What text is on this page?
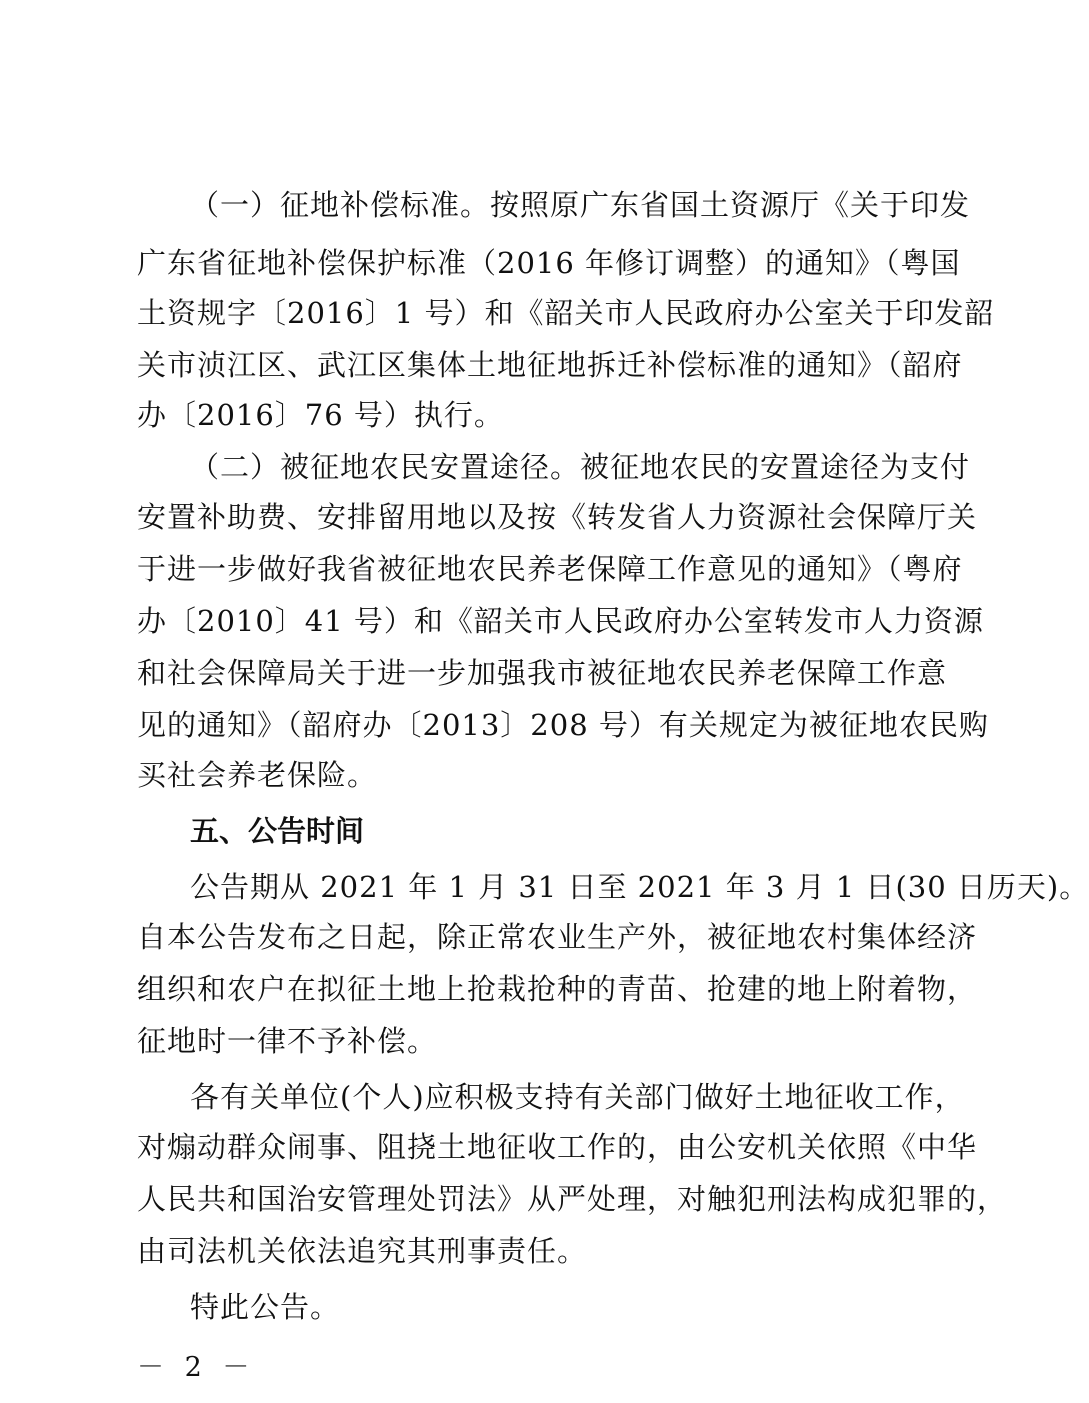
（一）征地补偿标准。按照原广东省国土资源厅《关于印发
广东省征地补偿保护标准（2016 年修订调整）的通知》（粤国
土资规字〔2016〕1 号）和《韶关市人民政府办公室关于印发韶
关市浈江区、武江区集体土地征地拆迁补偿标准的通知》（韶府
办〔2016〕76 号）执行。
（二）被征地农民安置途径。被征地农民的安置途径为支付
安置补助费、安排留用地以及按《转发省人力资源社会保障厅关
于进一步做好我省被征地农民养老保障工作意见的通知》（粤府
办〔2010〕41 号）和《韶关市人民政府办公室转发市人力资源
和社会保障局关于进一步加强我市被征地农民养老保障工作意
见的通知》（韶府办〔2013〕208 号）有关规定为被征地农民购
买社会养老保险。
五、公告时间
公告期从 2021 年 1 月 31 日至 2021 年 3 月 1 日(30 日历天)。
自本公告发布之日起，除正常农业生产外，被征地农村集体经济
组织和农户在拟征土地上抢栽抢种的青苗、抢建的地上附着物，
征地时一律不予补偿。
各有关单位(个人)应积极支持有关部门做好土地征收工作，
对煽动群众闹事、阻挠土地征收工作的，由公安机关依照《中华
人民共和国治安管理处罚法》从严处理，对触犯刑法构成犯罪的，
由司法机关依法追究其刑事责任。
特此公告。
－ 2 －
